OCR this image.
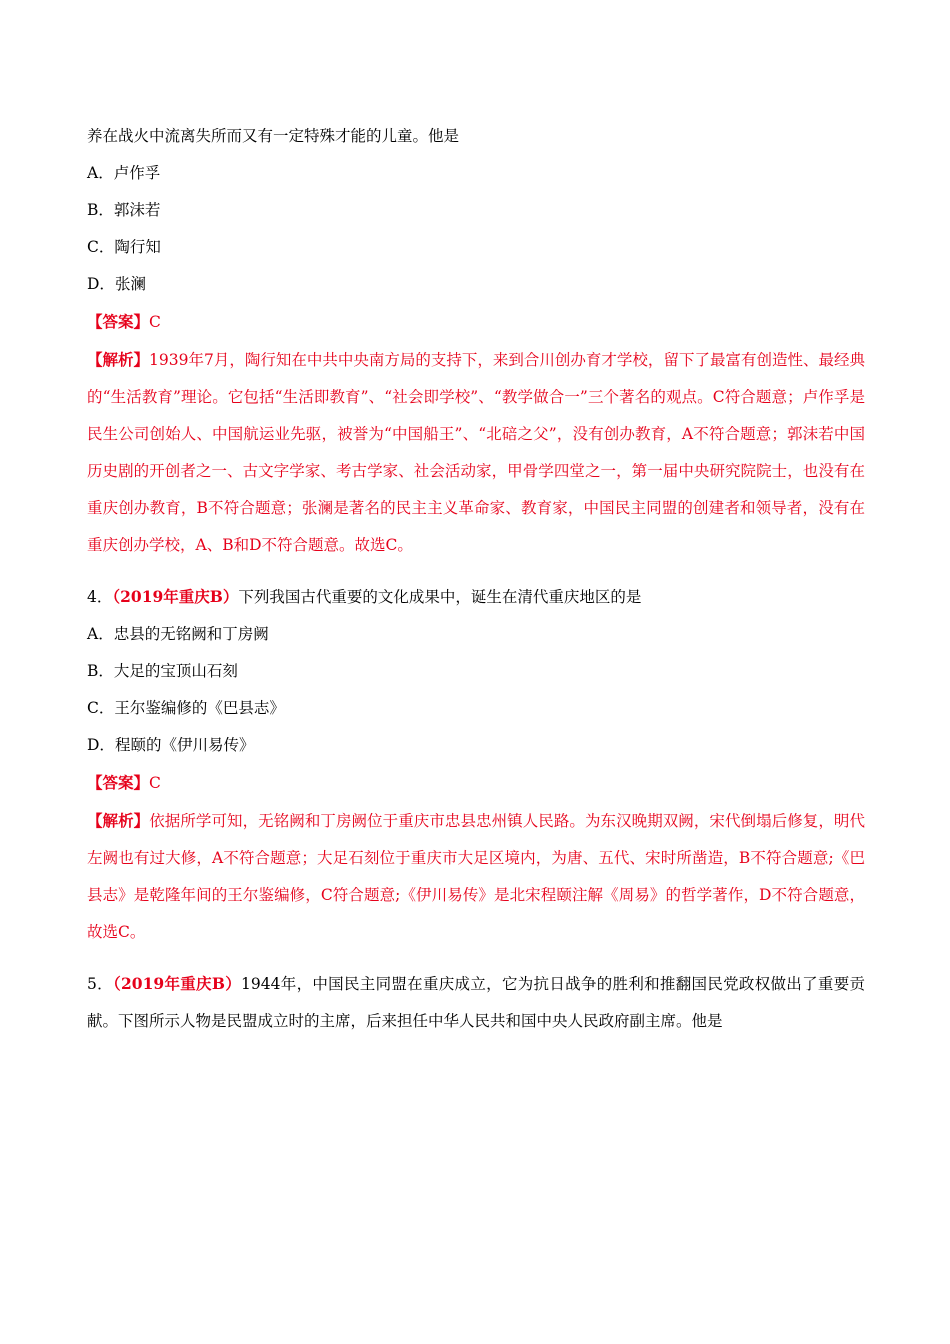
养在战火中流离失所而又有一定特殊才能的儿童。他是
A．卢作孚
B．郭沫若
C．陶行知
D．张澜
【答案】C
【解析】1939年7月，陶行知在中共中央南方局的支持下，来到合川创办育才学校，留下了最富有创造性、最经典的“生活教育”理论。它包括“生活即教育”、“社会即学校”、“教学做合一”三个著名的观点。C符合题意；卢作孚是民生公司创始人、中国航运业先驱，被誉为“中国船王”、“北碚之父”，没有创办教育，A不符合题意；郭沫若中国历史剧的开创者之一、古文字学家、考古学家、社会活动家，甲骨学四堂之一，第一届中央研究院院士，也没有在重庆创办教育，B不符合题意；张澜是著名的民主主义革命家、教育家，中国民主同盟的创建者和领导者，没有在重庆创办学校，A、B和D不符合题意。故选C。
4．（2019年重庆B）下列我国古代重要的文化成果中，诞生在清代重庆地区的是
A．忠县的无铭阙和丁房阙
B．大足的宝顶山石刻
C．王尔鉴编修的《巴县志》
D．程颐的《伊川易传》
【答案】C
【解析】依据所学可知，无铭阙和丁房阙位于重庆市忠县忠州镇人民路。为东汉晚期双阙，宋代倒塌后修复，明代左阙也有过大修，A不符合题意；大足石刻位于重庆市大足区境内，为唐、五代、宋时所凿造，B不符合题意;《巴县志》是乾隆年间的王尔鉴编修，C符合题意;《伊川易传》是北宋程颐注解《周易》的哲学著作，D不符合题意，故选C。
5．（2019年重庆B）1944年，中国民主同盟在重庆成立，它为抗日战争的胜利和推翻国民党政权做出了重要贡献。下图所示人物是民盟成立时的主席，后来担任中华人民共和国中央人民政府副主席。他是
